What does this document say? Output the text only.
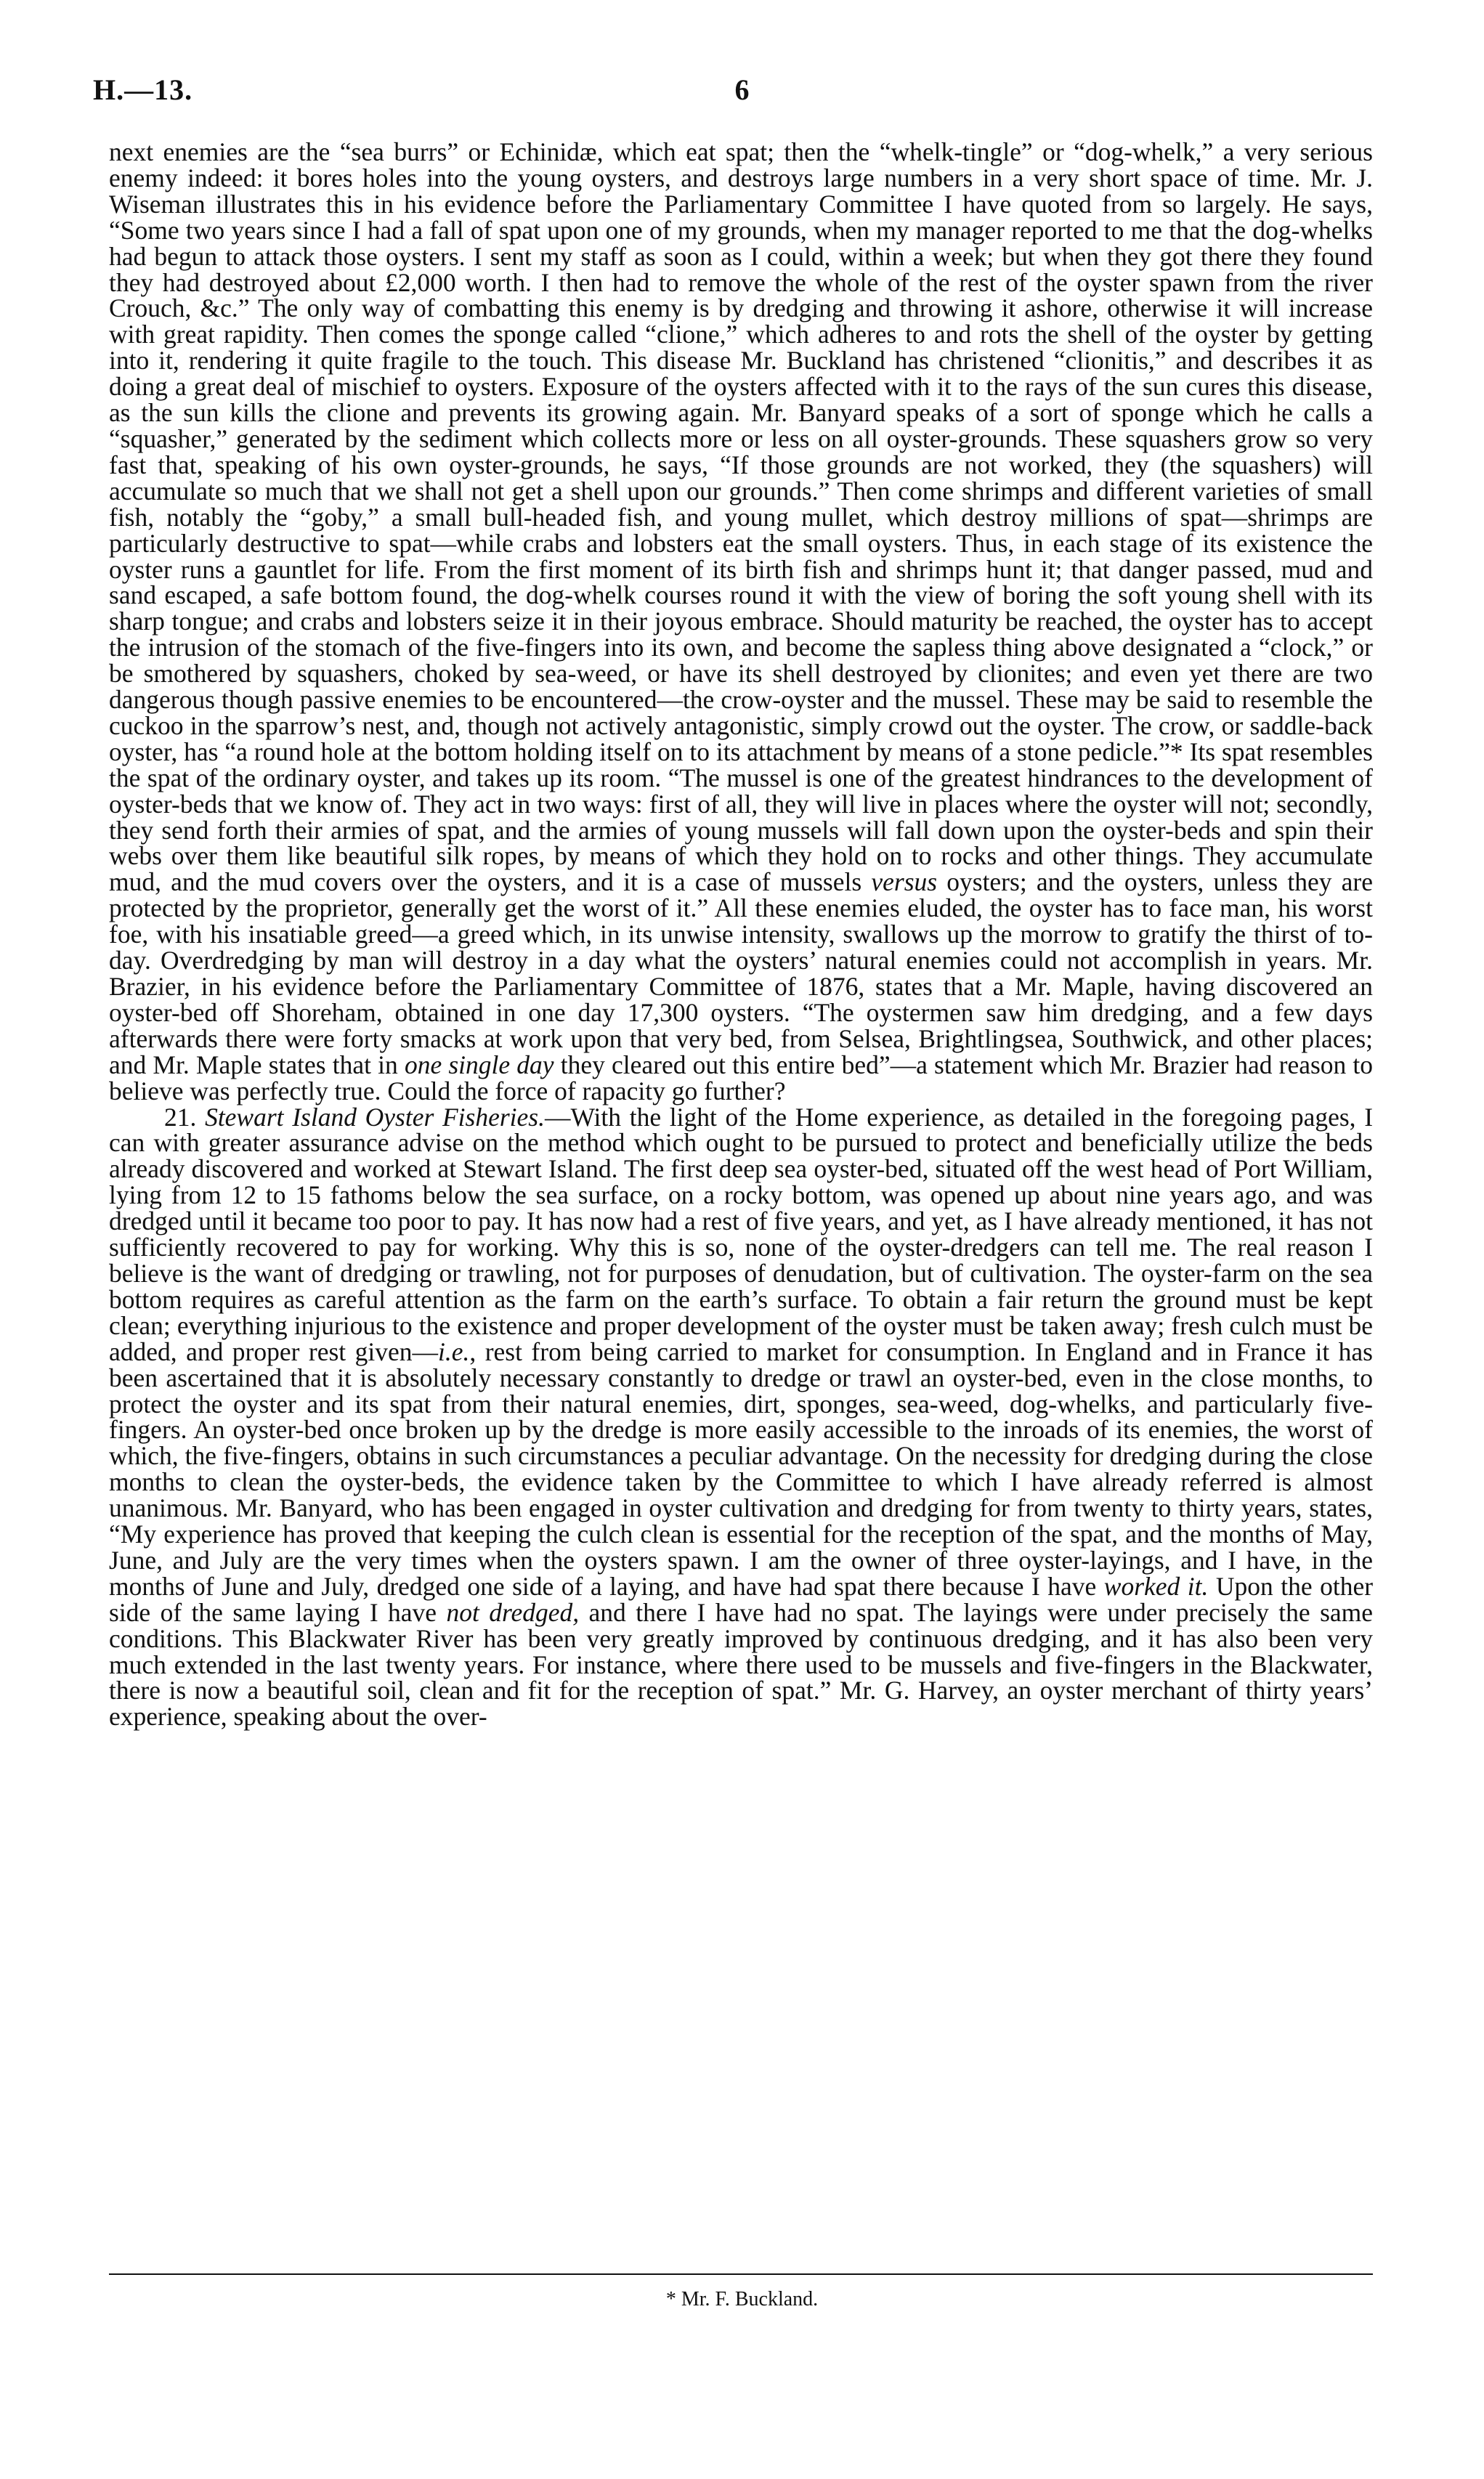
H.—13.	6

next enemies are the “sea burrs” or Echinidæ, which eat spat; then the “whelk-tingle” or “dog-whelk,” a very serious enemy indeed: it bores holes into the young oysters, and destroys large numbers in a very short space of time. Mr. J. Wiseman illustrates this in his evidence before the Parliamentary Committee I have quoted from so largely. He says, “Some two years since I had a fall of spat upon one of my grounds, when my manager reported to me that the dog-whelks had begun to attack those oysters. I sent my staff as soon as I could, within a week; but when they got there they found they had destroyed about £2,000 worth. I then had to remove the whole of the rest of the oyster spawn from the river Crouch, &c.” The only way of combatting this enemy is by dredging and throwing it ashore, otherwise it will increase with great rapidity. Then comes the sponge called “clione,” which adheres to and rots the shell of the oyster by getting into it, rendering it quite fragile to the touch. This disease Mr. Buckland has christened “clionitis,” and describes it as doing a great deal of mischief to oysters. Exposure of the oysters affected with it to the rays of the sun cures this disease, as the sun kills the clione and prevents its growing again. Mr. Banyard speaks of a sort of sponge which he calls a “squasher,” generated by the sediment which collects more or less on all oyster-grounds. These squashers grow so very fast that, speaking of his own oyster-grounds, he says, “If those grounds are not worked, they (the squashers) will accumulate so much that we shall not get a shell upon our grounds.” Then come shrimps and different varieties of small fish, notably the “goby,” a small bull-headed fish, and young mullet, which destroy millions of spat—shrimps are particularly destructive to spat—while crabs and lobsters eat the small oysters. Thus, in each stage of its existence the oyster runs a gauntlet for life. From the first moment of its birth fish and shrimps hunt it; that danger passed, mud and sand escaped, a safe bottom found, the dog-whelk courses round it with the view of boring the soft young shell with its sharp tongue; and crabs and lobsters seize it in their joyous embrace. Should maturity be reached, the oyster has to accept the intrusion of the stomach of the five-fingers into its own, and become the sapless thing above designated a “clock,” or be smothered by squashers, choked by sea-weed, or have its shell destroyed by clionites; and even yet there are two dangerous though passive enemies to be encountered—the crow-oyster and the mussel. These may be said to resemble the cuckoo in the sparrow’s nest, and, though not actively antagonistic, simply crowd out the oyster. The crow, or saddle-back oyster, has “a round hole at the bottom holding itself on to its attachment by means of a stone pedicle.”* Its spat resembles the spat of the ordinary oyster, and takes up its room. “The mussel is one of the greatest hindrances to the development of oyster-beds that we know of. They act in two ways: first of all, they will live in places where the oyster will not; secondly, they send forth their armies of spat, and the armies of young mussels will fall down upon the oyster-beds and spin their webs over them like beautiful silk ropes, by means of which they hold on to rocks and other things. They accumulate mud, and the mud covers over the oysters, and it is a case of mussels versus oysters; and the oysters, unless they are protected by the proprietor, generally get the worst of it.” All these enemies eluded, the oyster has to face man, his worst foe, with his insatiable greed—a greed which, in its unwise intensity, swallows up the morrow to gratify the thirst of to-day. Overdredging by man will destroy in a day what the oysters’ natural enemies could not accomplish in years. Mr. Brazier, in his evidence before the Parliamentary Committee of 1876, states that a Mr. Maple, having discovered an oyster-bed off Shoreham, obtained in one day 17,300 oysters. “The oystermen saw him dredging, and a few days afterwards there were forty smacks at work upon that very bed, from Selsea, Brightlingsea, Southwick, and other places; and Mr. Maple states that in one single day they cleared out this entire bed”—a statement which Mr. Brazier had reason to believe was perfectly true. Could the force of rapacity go further?

21. Stewart Island Oyster Fisheries.—With the light of the Home experience, as detailed in the foregoing pages, I can with greater assurance advise on the method which ought to be pursued to protect and beneficially utilize the beds already discovered and worked at Stewart Island. The first deep sea oyster-bed, situated off the west head of Port William, lying from 12 to 15 fathoms below the sea surface, on a rocky bottom, was opened up about nine years ago, and was dredged until it became too poor to pay. It has now had a rest of five years, and yet, as I have already mentioned, it has not sufficiently recovered to pay for working. Why this is so, none of the oyster-dredgers can tell me. The real reason I believe is the want of dredging or trawling, not for purposes of denudation, but of cultivation. The oyster-farm on the sea bottom requires as careful attention as the farm on the earth’s surface. To obtain a fair return the ground must be kept clean; everything injurious to the existence and proper development of the oyster must be taken away; fresh culch must be added, and proper rest given—i.e., rest from being carried to market for consumption. In England and in France it has been ascertained that it is absolutely necessary constantly to dredge or trawl an oyster-bed, even in the close months, to protect the oyster and its spat from their natural enemies, dirt, sponges, sea-weed, dog-whelks, and particularly five-fingers. An oyster-bed once broken up by the dredge is more easily accessible to the inroads of its enemies, the worst of which, the five-fingers, obtains in such circumstances a peculiar advantage. On the necessity for dredging during the close months to clean the oyster-beds, the evidence taken by the Committee to which I have already referred is almost unanimous. Mr. Banyard, who has been engaged in oyster cultivation and dredging for from twenty to thirty years, states, “My experience has proved that keeping the culch clean is essential for the reception of the spat, and the months of May, June, and July are the very times when the oysters spawn. I am the owner of three oyster-layings, and I have, in the months of June and July, dredged one side of a laying, and have had spat there because I have worked it. Upon the other side of the same laying I have not dredged, and there I have had no spat. The layings were under precisely the same conditions. This Blackwater River has been very greatly improved by continuous dredging, and it has also been very much extended in the last twenty years. For instance, where there used to be mussels and five-fingers in the Blackwater, there is now a beautiful soil, clean and fit for the reception of spat.” Mr. G. Harvey, an oyster merchant of thirty years’ experience, speaking about the over-

* Mr. F. Buckland.
